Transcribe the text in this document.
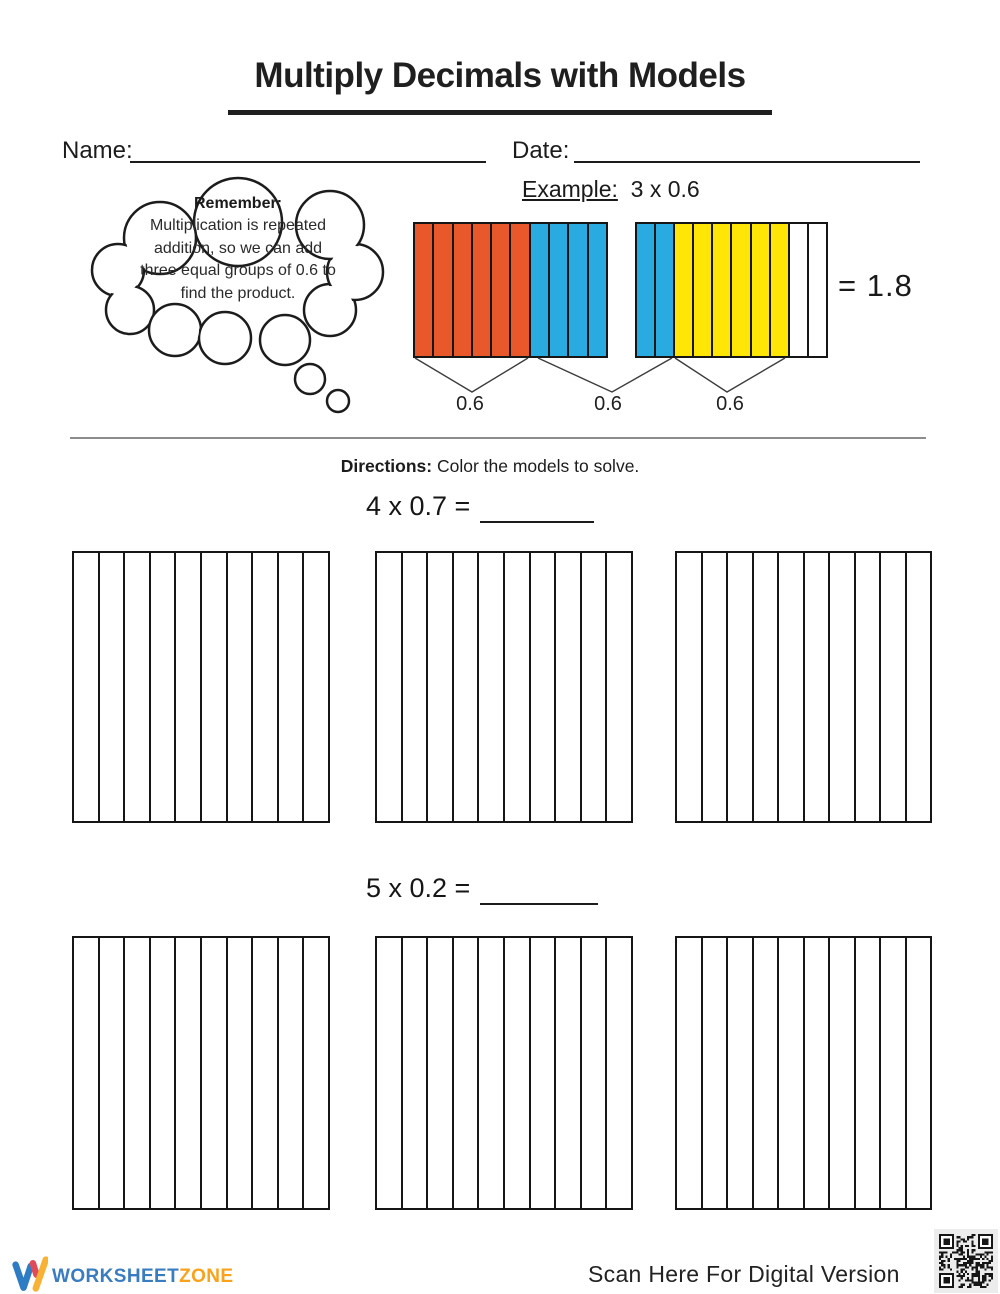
Multiply Decimals with Models
Name:	Date:
Remember:
Multiplication is repeated
addition, so we can add
three equal groups of 0.6 to
find the product.
Example: 3 x 0.6
= 1.8
0.6	0.6	0.6
Directions: Color the models to solve.
4 x 0.7 =
5 x 0.2 =
WORKSHEETZONE	Scan Here For Digital Version
